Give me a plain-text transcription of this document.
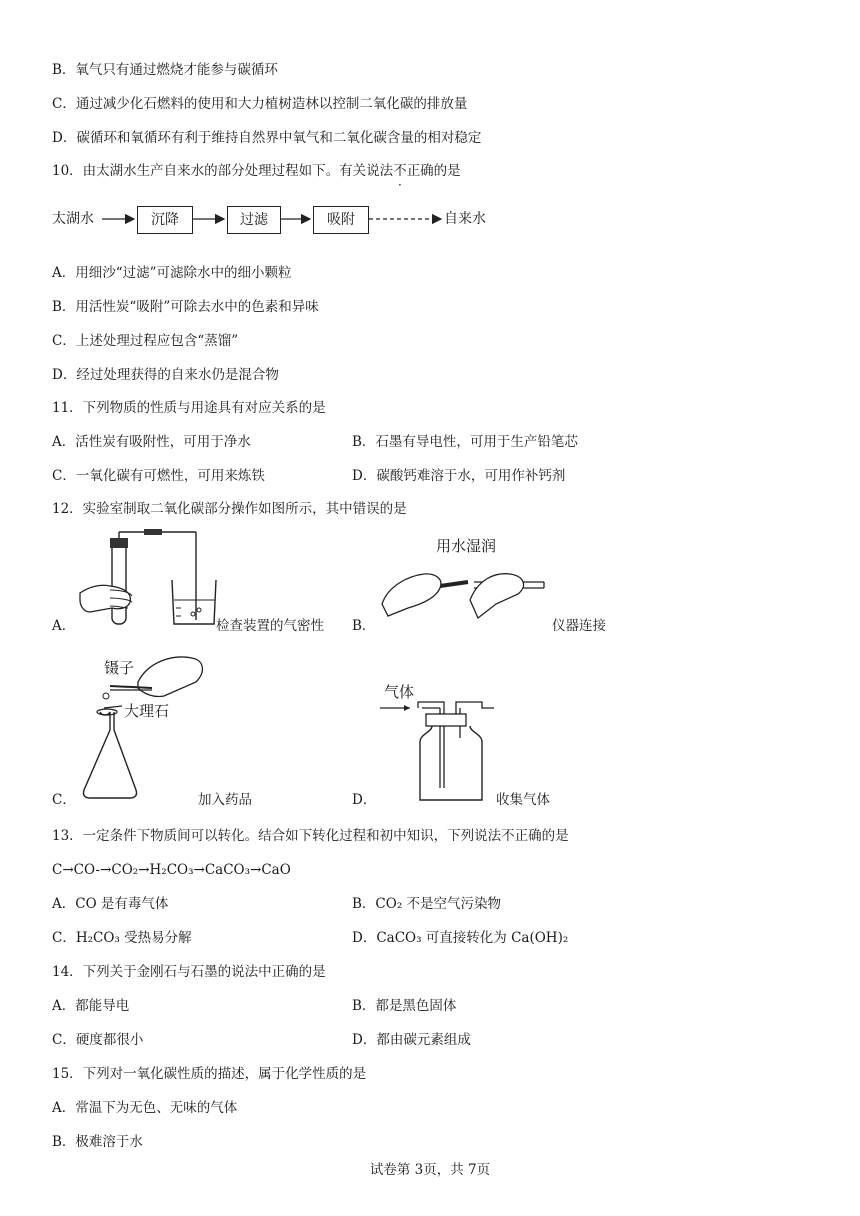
B．氧气只有通过燃烧才能参与碳循环
C．通过减少化石燃料的使用和大力植树造林以控制二氧化碳的排放量
D．碳循环和氧循环有利于维持自然界中氧气和二氧化碳含量的相对稳定
10．由太湖水生产自来水的部分处理过程如下。有关说法不正确的是
太湖水	沉降	过滤	吸附	自来水
A．用细沙“过滤”可滤除水中的细小颗粒
B．用活性炭“吸附”可除去水中的色素和异味
C．上述处理过程应包含“蒸馏”
D．经过处理获得的自来水仍是混合物
11．下列物质的性质与用途具有对应关系的是
A．活性炭有吸附性，可用于净水	B．石墨有导电性，可用于生产铅笔芯
C．一氧化碳有可燃性，可用来炼铁	D．碳酸钙难溶于水，可用作补钙剂
12．实验室制取二氧化碳部分操作如图所示，其中错误的是
A．	检查装置的气密性 B．
用水湿润
仪器连接
C．
镊子
大理石
加入药品	D．
气体
收集气体
13．一定条件下物质间可以转化。结合如下转化过程和初中知识，下列说法不正确的是
C→CO-→CO₂→H₂CO₃→CaCO₃→CaO
A．CO 是有毒气体	B．CO₂ 不是空气污染物
C．H₂CO₃ 受热易分解	D．CaCO₃ 可直接转化为 Ca(OH)₂
14．下列关于金刚石与石墨的说法中正确的是
A．都能导电	B．都是黑色固体
C．硬度都很小	D．都由碳元素组成
15．下列对一氧化碳性质的描述，属于化学性质的是
A．常温下为无色、无味的气体
B．极难溶于水
试卷第 3页，共 7页
